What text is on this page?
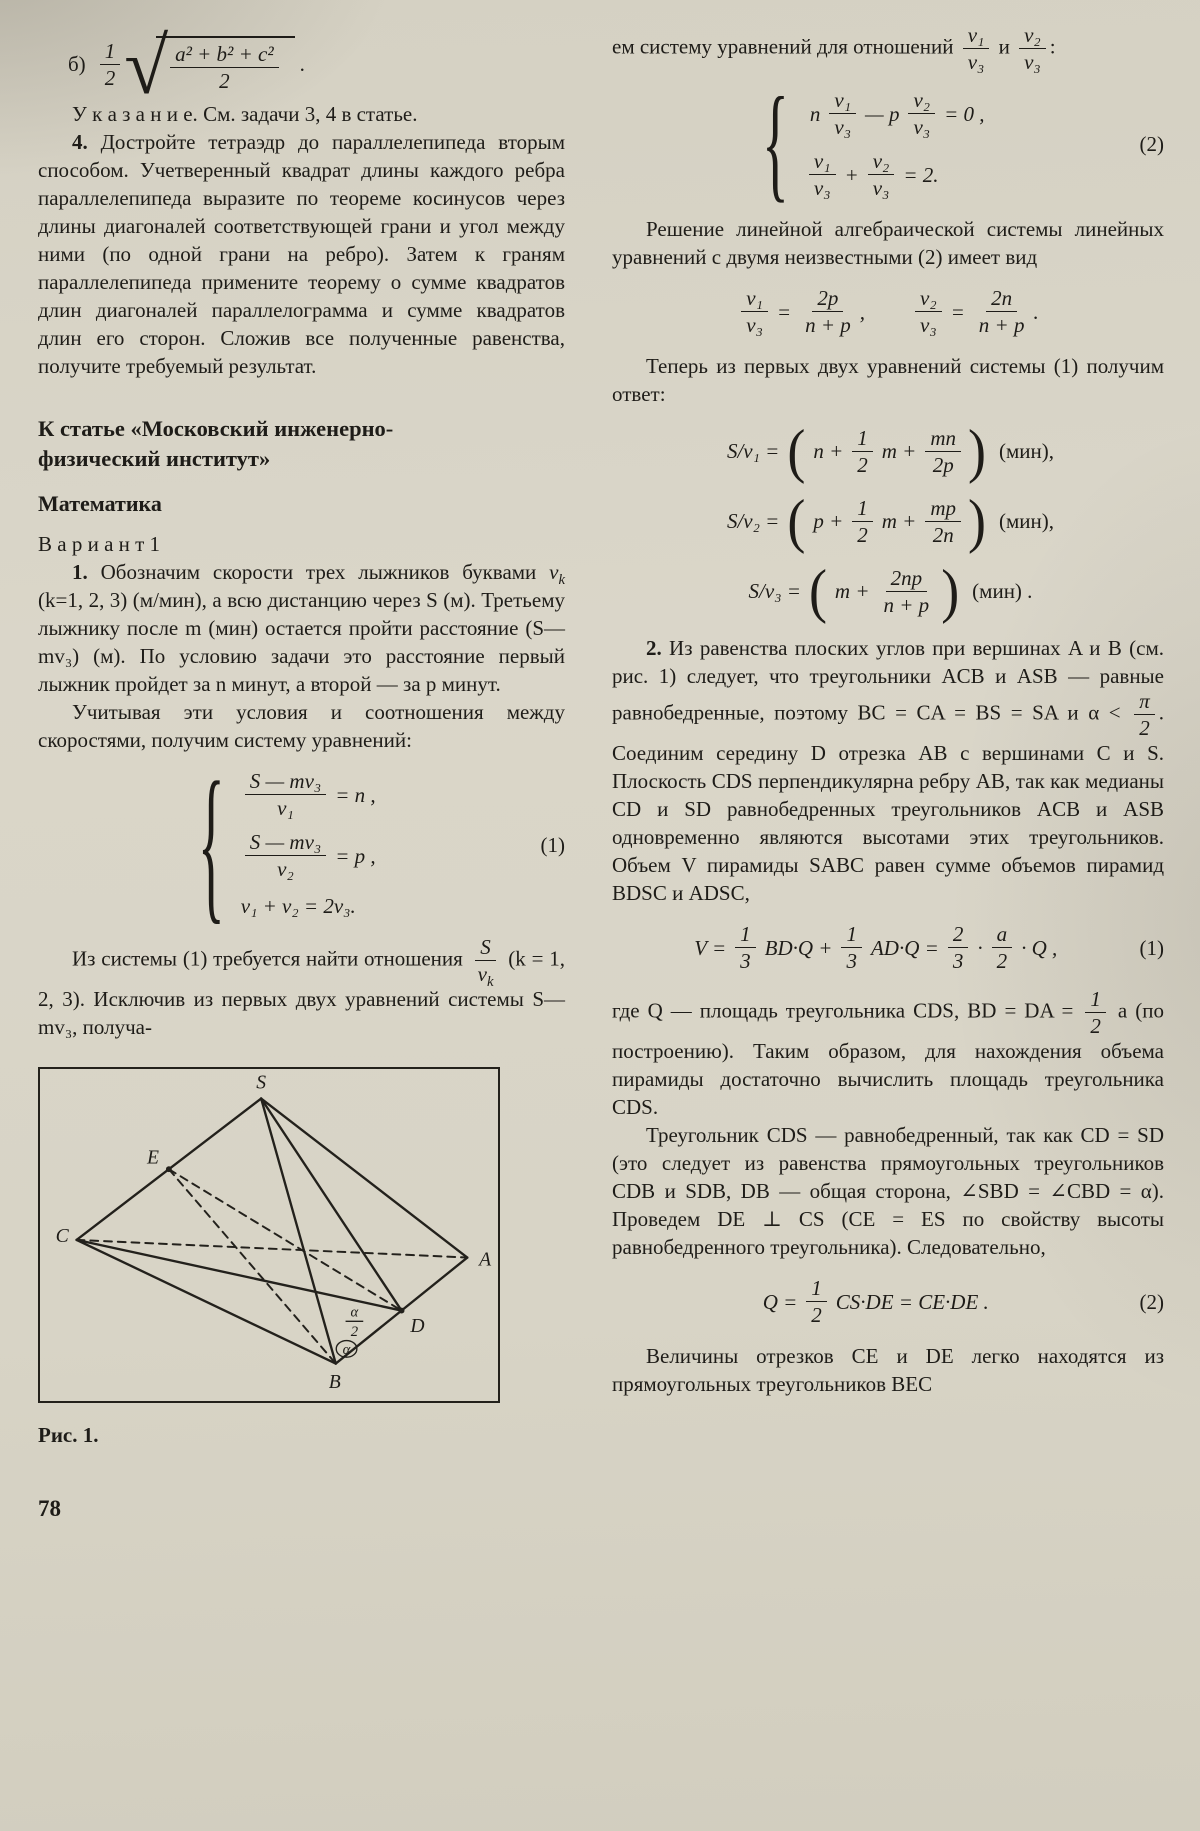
$б) \frac{1}{2}$ √ $\frac{\text{a² + b² + c²}}{2}$ .

У к а з а н и е. См. задачи 3, 4 в статье.

4. Достройте тетраэдр до параллелепипеда вторым способом. Учетверенный квадрат длины каждого ребра параллелепипеда выразите по теореме косинусов через длины диагоналей соответствующей грани и угол между ними (по одной грани на ребро). Затем к граням параллелепипеда примените теорему о сумме квадратов длин диагоналей параллелограмма и сумме квадратов длин его сторон. Сложив все полученные равенства, получите требуемый результат.

К статье «Московский инженерно-физический институт»
Математика
В а р и а н т 1

1. Обозначим скорости трех лыжников буквами $v_k$ (k=1, 2, 3) (м/мин), а всю дистанцию через S (м). Третьему лыжнику после m (мин) остается пройти расстояние (S—mv₃) (м). По условию задачи это расстояние первый лыжник пройдет за n минут, а второй — за p минут.

Учитывая эти условия и соотношения между скоростями, получим систему уравнений:

{ $\frac{\text{S — mv₃}}{\text{v₁}} = n$ ,
$\frac{\text{S — mv₃}}{\text{v₂}} = p$ ,
v₁ + v₂ = 2v₃.
(1)

Из системы (1) требуется найти отношения $\frac{S}{v_k} (k = 1$, 2, 3). Исключив из первых двух уравнений системы S—mv₃, получа-

S
E
C
A
D
B
α
2
α
Рис. 1.
78

ем систему уравнений для отношений $\frac{\text{v₁}}{\text{v₃}}$ и $\frac{\text{v₂}}{\text{v₃}}$ :

{ n $\frac{\text{v₁}}{\text{v₃}}$ — p $\frac{\text{v₂}}{\text{v₃}} = 0$ ,
$\frac{\text{v₁}}{\text{v₃}} + \frac{\text{v₂}}{\text{v₃}} = 2$.
(2)

Решение линейной алгебраической системы линейных уравнений с двумя неизвестными (2) имеет вид

$\frac{\text{v₁}}{\text{v₃}} = \frac{2p}{n + p}$ , $\frac{\text{v₂}}{\text{v₃}} = \frac{2n}{n + p}$ .

Теперь из первых двух уравнений системы (1) получим ответ:

S/v₁ = ( $n + \frac{1}{2}$ $m + \frac{mn}{2p}$ ) (мин),
S/v₂ = ( $p + \frac{1}{2}$ $m + \frac{mp}{2n}$ ) (мин),
S/v₃ = ( $m + \frac{2np}{n + p}$ ) (мин) .

2. Из равенства плоских углов при вершинах A и B (см. рис. 1) следует, что треугольники ACB и ASB — равные равнобедренные, поэтому BC = CA = BS = SA и $\alpha < \frac{\pi}{2}$ . Соединим середину D отрезка AB с вершинами C и S. Плоскость CDS перпендикулярна ребру AB, так как медианы CD и SD равнобедренных треугольников ACB и ASB одновременно являются высотами этих треугольников. Объем V пирамиды SABC равен сумме объемов пирамид BDSC и ADSC,

$V = \frac{1}{3} BD\cdot Q + \frac{1}{3} AD\cdot Q = \frac{2}{3} \cdot \frac{a}{2} \cdot Q$ ,	(1)

где Q — площадь треугольника CDS, BD = DA = $\frac{1}{2}$ a (по построению). Таким образом, для нахождения объема пирамиды достаточно вычислить площадь треугольника CDS.

Треугольник CDS — равнобедренный, так как CD = SD (это следует из равенства прямоугольных треугольников CDB и SDB, DB — общая сторона, ∠SBD = ∠CBD = α). Проведем DE ⊥ CS (CE = ES по свойству высоты равнобедренного треугольника). Следовательно,

$Q = \frac{1}{2} CS\cdot DE = CE\cdot DE$ .	(2)

Величины отрезков CE и DE легко находятся из прямоугольных треугольников BEC
